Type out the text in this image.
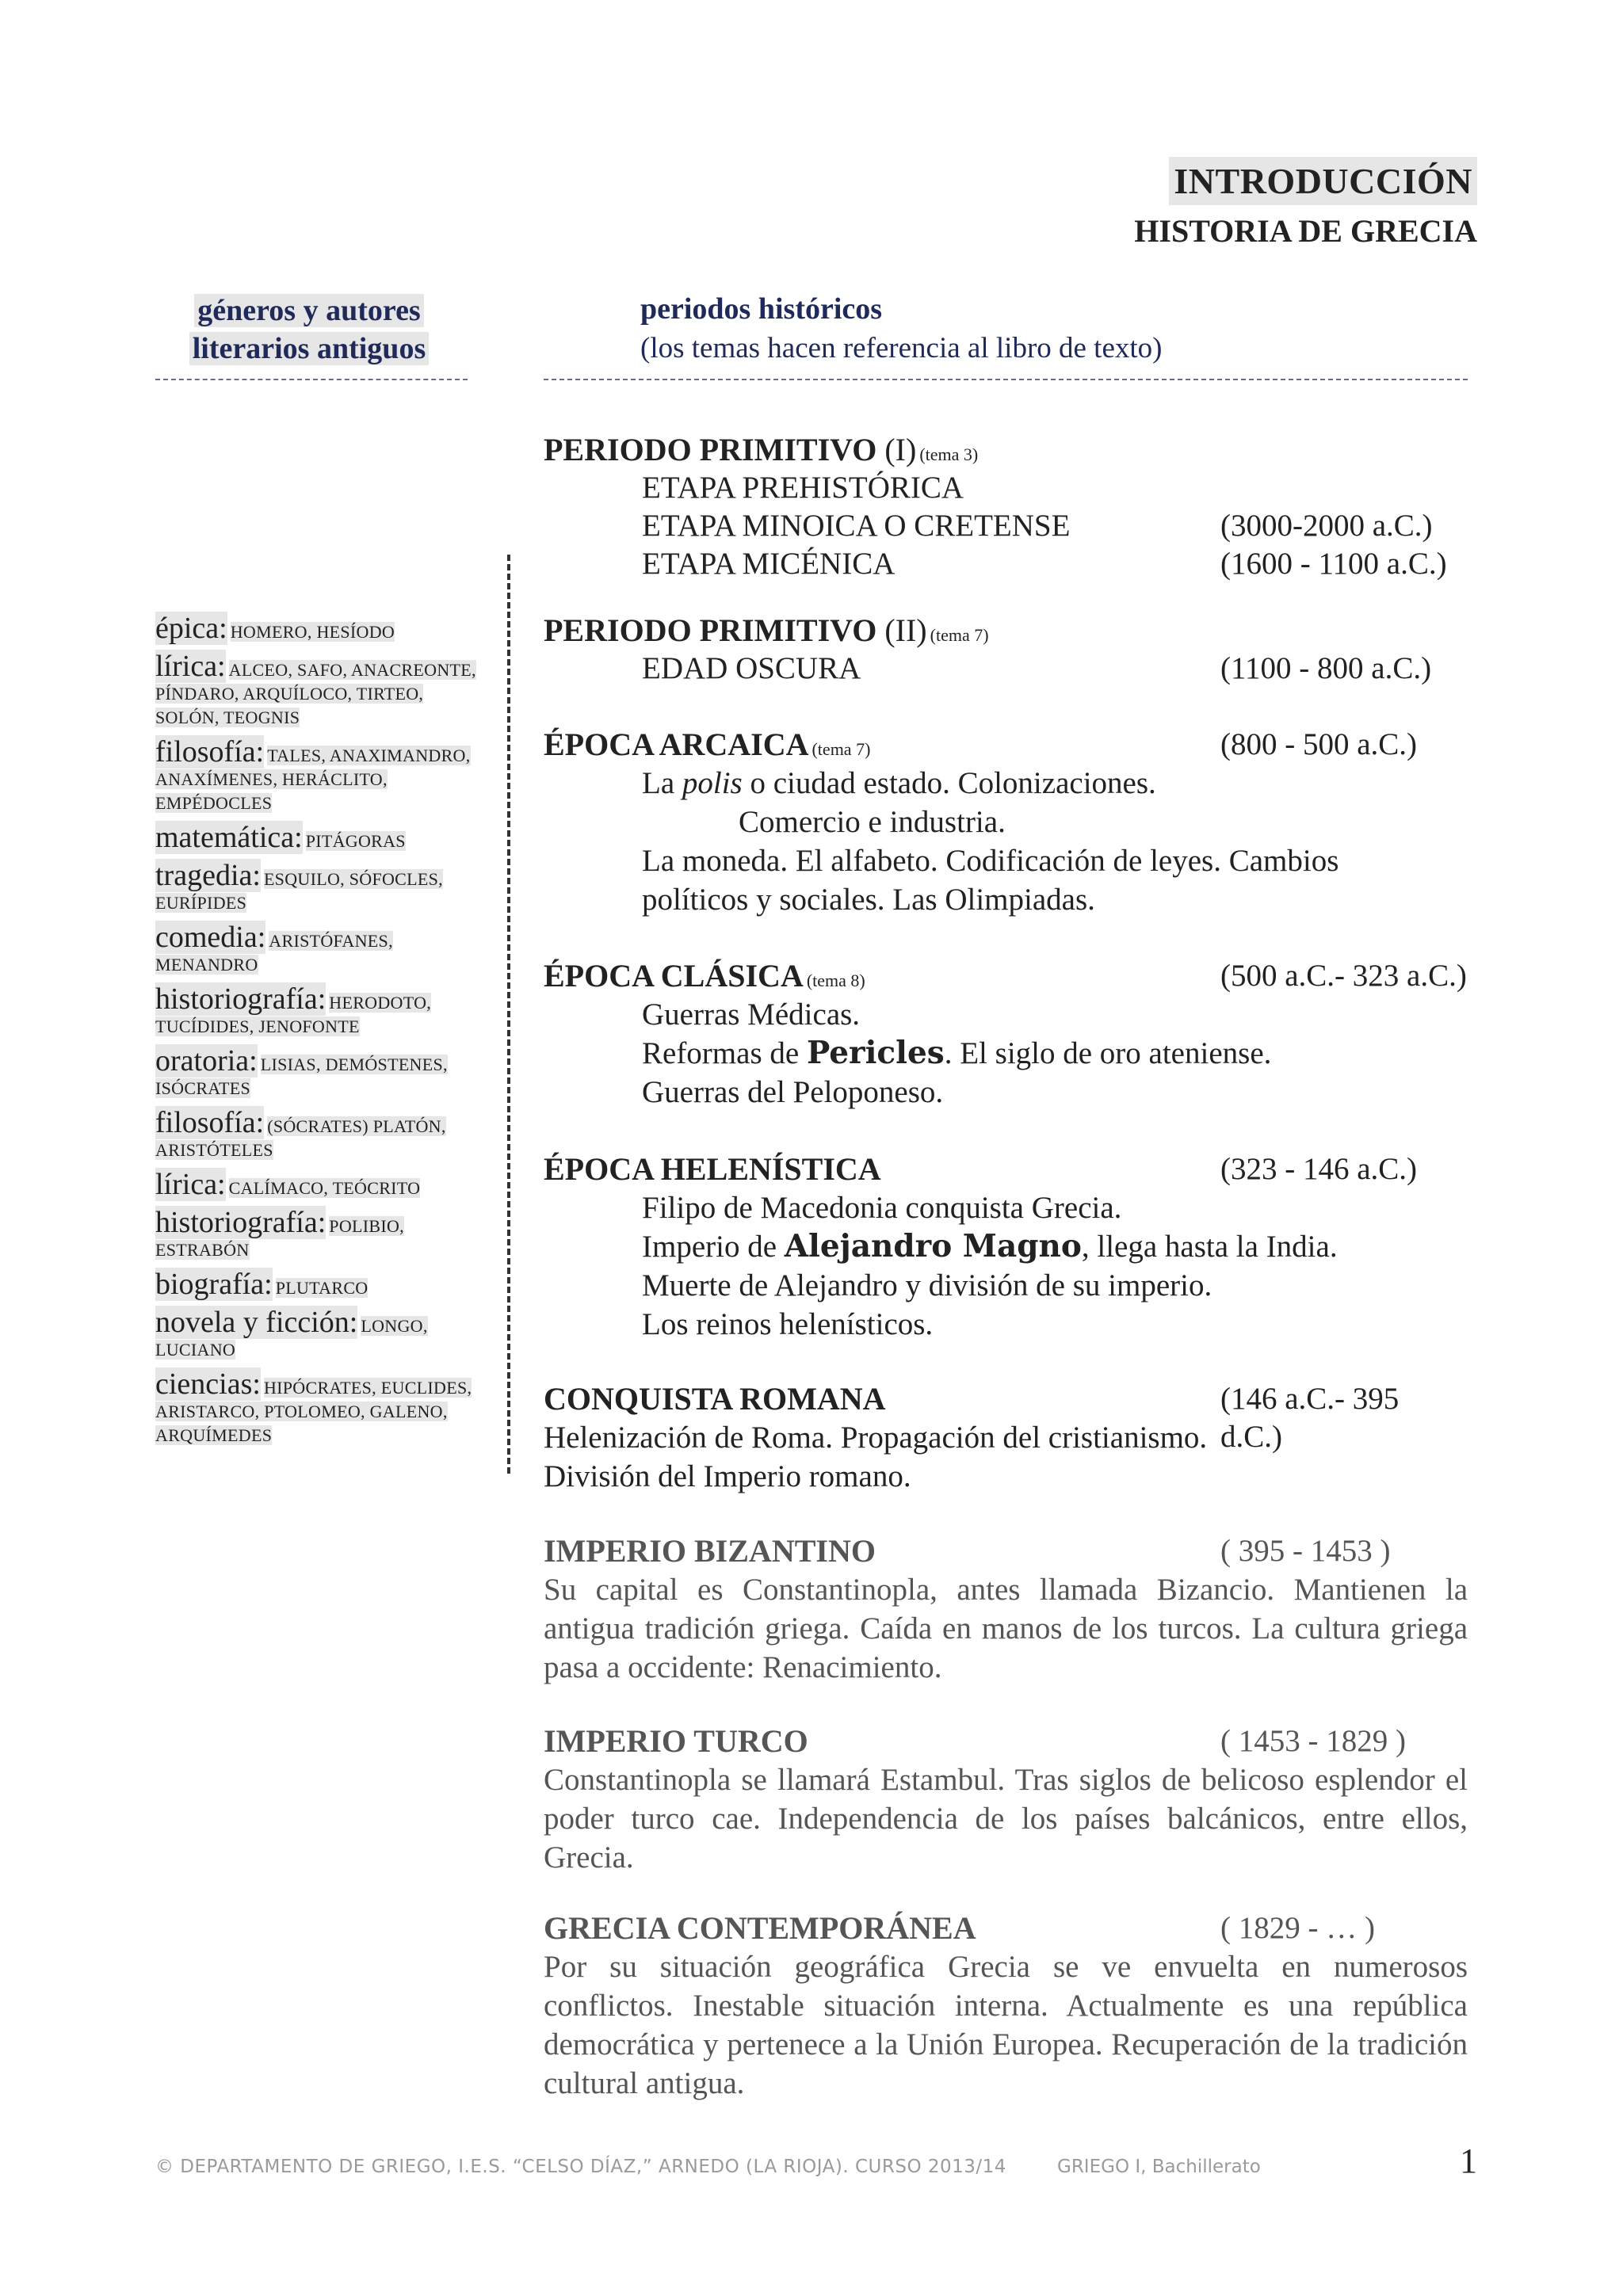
INTRODUCCIÓN
HISTORIA DE GRECIA
géneros y autores
literarios antiguos
periodos históricos
(los temas hacen referencia al libro de texto)
épica: HOMERO, HESÍODO
lírica: ALCEO, SAFO, ANACREONTE, PÍNDARO, ARQUÍLOCO, TIRTEO, SOLÓN, TEOGNIS
filosofía: TALES, ANAXIMANDRO, ANAXÍMENES, HERÁCLITO, EMPÉDOCLES
matemática: PITÁGORAS
tragedia: ESQUILO, SÓFOCLES, EURÍPIDES
comedia: ARISTÓFANES, MENANDRO
historiografía: HERODOTO, TUCÍDIDES, JENOFONTE
oratoria: LISIAS, DEMÓSTENES, ISÓCRATES
filosofía: (SÓCRATES) PLATÓN, ARISTÓTELES
lírica: CALÍMACO, TEÓCRITO
historiografía: POLIBIO, ESTRABÓN
biografía: PLUTARCO
novela y ficción: LONGO, LUCIANO
ciencias: HIPÓCRATES, EUCLIDES, ARISTARCO, PTOLOMEO, GALENO, ARQUÍMEDES
PERIODO PRIMITIVO (I) (tema 3)
ETAPA PREHISTÓRICA
ETAPA MINOICA O CRETENSE	(3000-2000 a.C.)
ETAPA MICÉNICA	(1600 - 1100 a.C.)
PERIODO PRIMITIVO (II) (tema 7)
EDAD OSCURA	(1100 - 800 a.C.)
ÉPOCA ARCAICA (tema 7)	(800 - 500 a.C.)
La polis o ciudad estado. Colonizaciones.
Comercio e industria.
La moneda. El alfabeto. Codificación de leyes. Cambios
políticos y sociales. Las Olimpiadas.
ÉPOCA CLÁSICA (tema 8)	(500 a.C.- 323 a.C.)
Guerras Médicas.
Reformas de Pericles. El siglo de oro ateniense.
Guerras del Peloponeso.
ÉPOCA HELENÍSTICA	(323 - 146 a.C.)
Filipo de Macedonia conquista Grecia.
Imperio de Alejandro Magno, llega hasta la India.
Muerte de Alejandro y división de su imperio.
Los reinos helenísticos.
CONQUISTA ROMANA	(146 a.C.- 395 d.C.)
Helenización de Roma. Propagación del cristianismo.
División del Imperio romano.
IMPERIO BIZANTINO	( 395 - 1453 )
Su capital es Constantinopla, antes llamada Bizancio. Mantienen la antigua tradición griega. Caída en manos de los turcos. La cultura griega pasa a occidente: Renacimiento.
IMPERIO TURCO	( 1453 - 1829 )
Constantinopla se llamará Estambul. Tras siglos de belicoso esplendor el poder turco cae. Independencia de los países balcánicos, entre ellos, Grecia.
GRECIA CONTEMPORÁNEA	( 1829 - … )
Por su situación geográfica Grecia se ve envuelta en numerosos conflictos. Inestable situación interna. Actualmente es una república democrática y pertenece a la Unión Europea. Recuperación de la tradición cultural antigua.
© DEPARTAMENTO DE GRIEGO, I.E.S. “CELSO DÍAZ,” ARNEDO (LA RIOJA). CURSO 2013/14	GRIEGO I, Bachillerato	1
